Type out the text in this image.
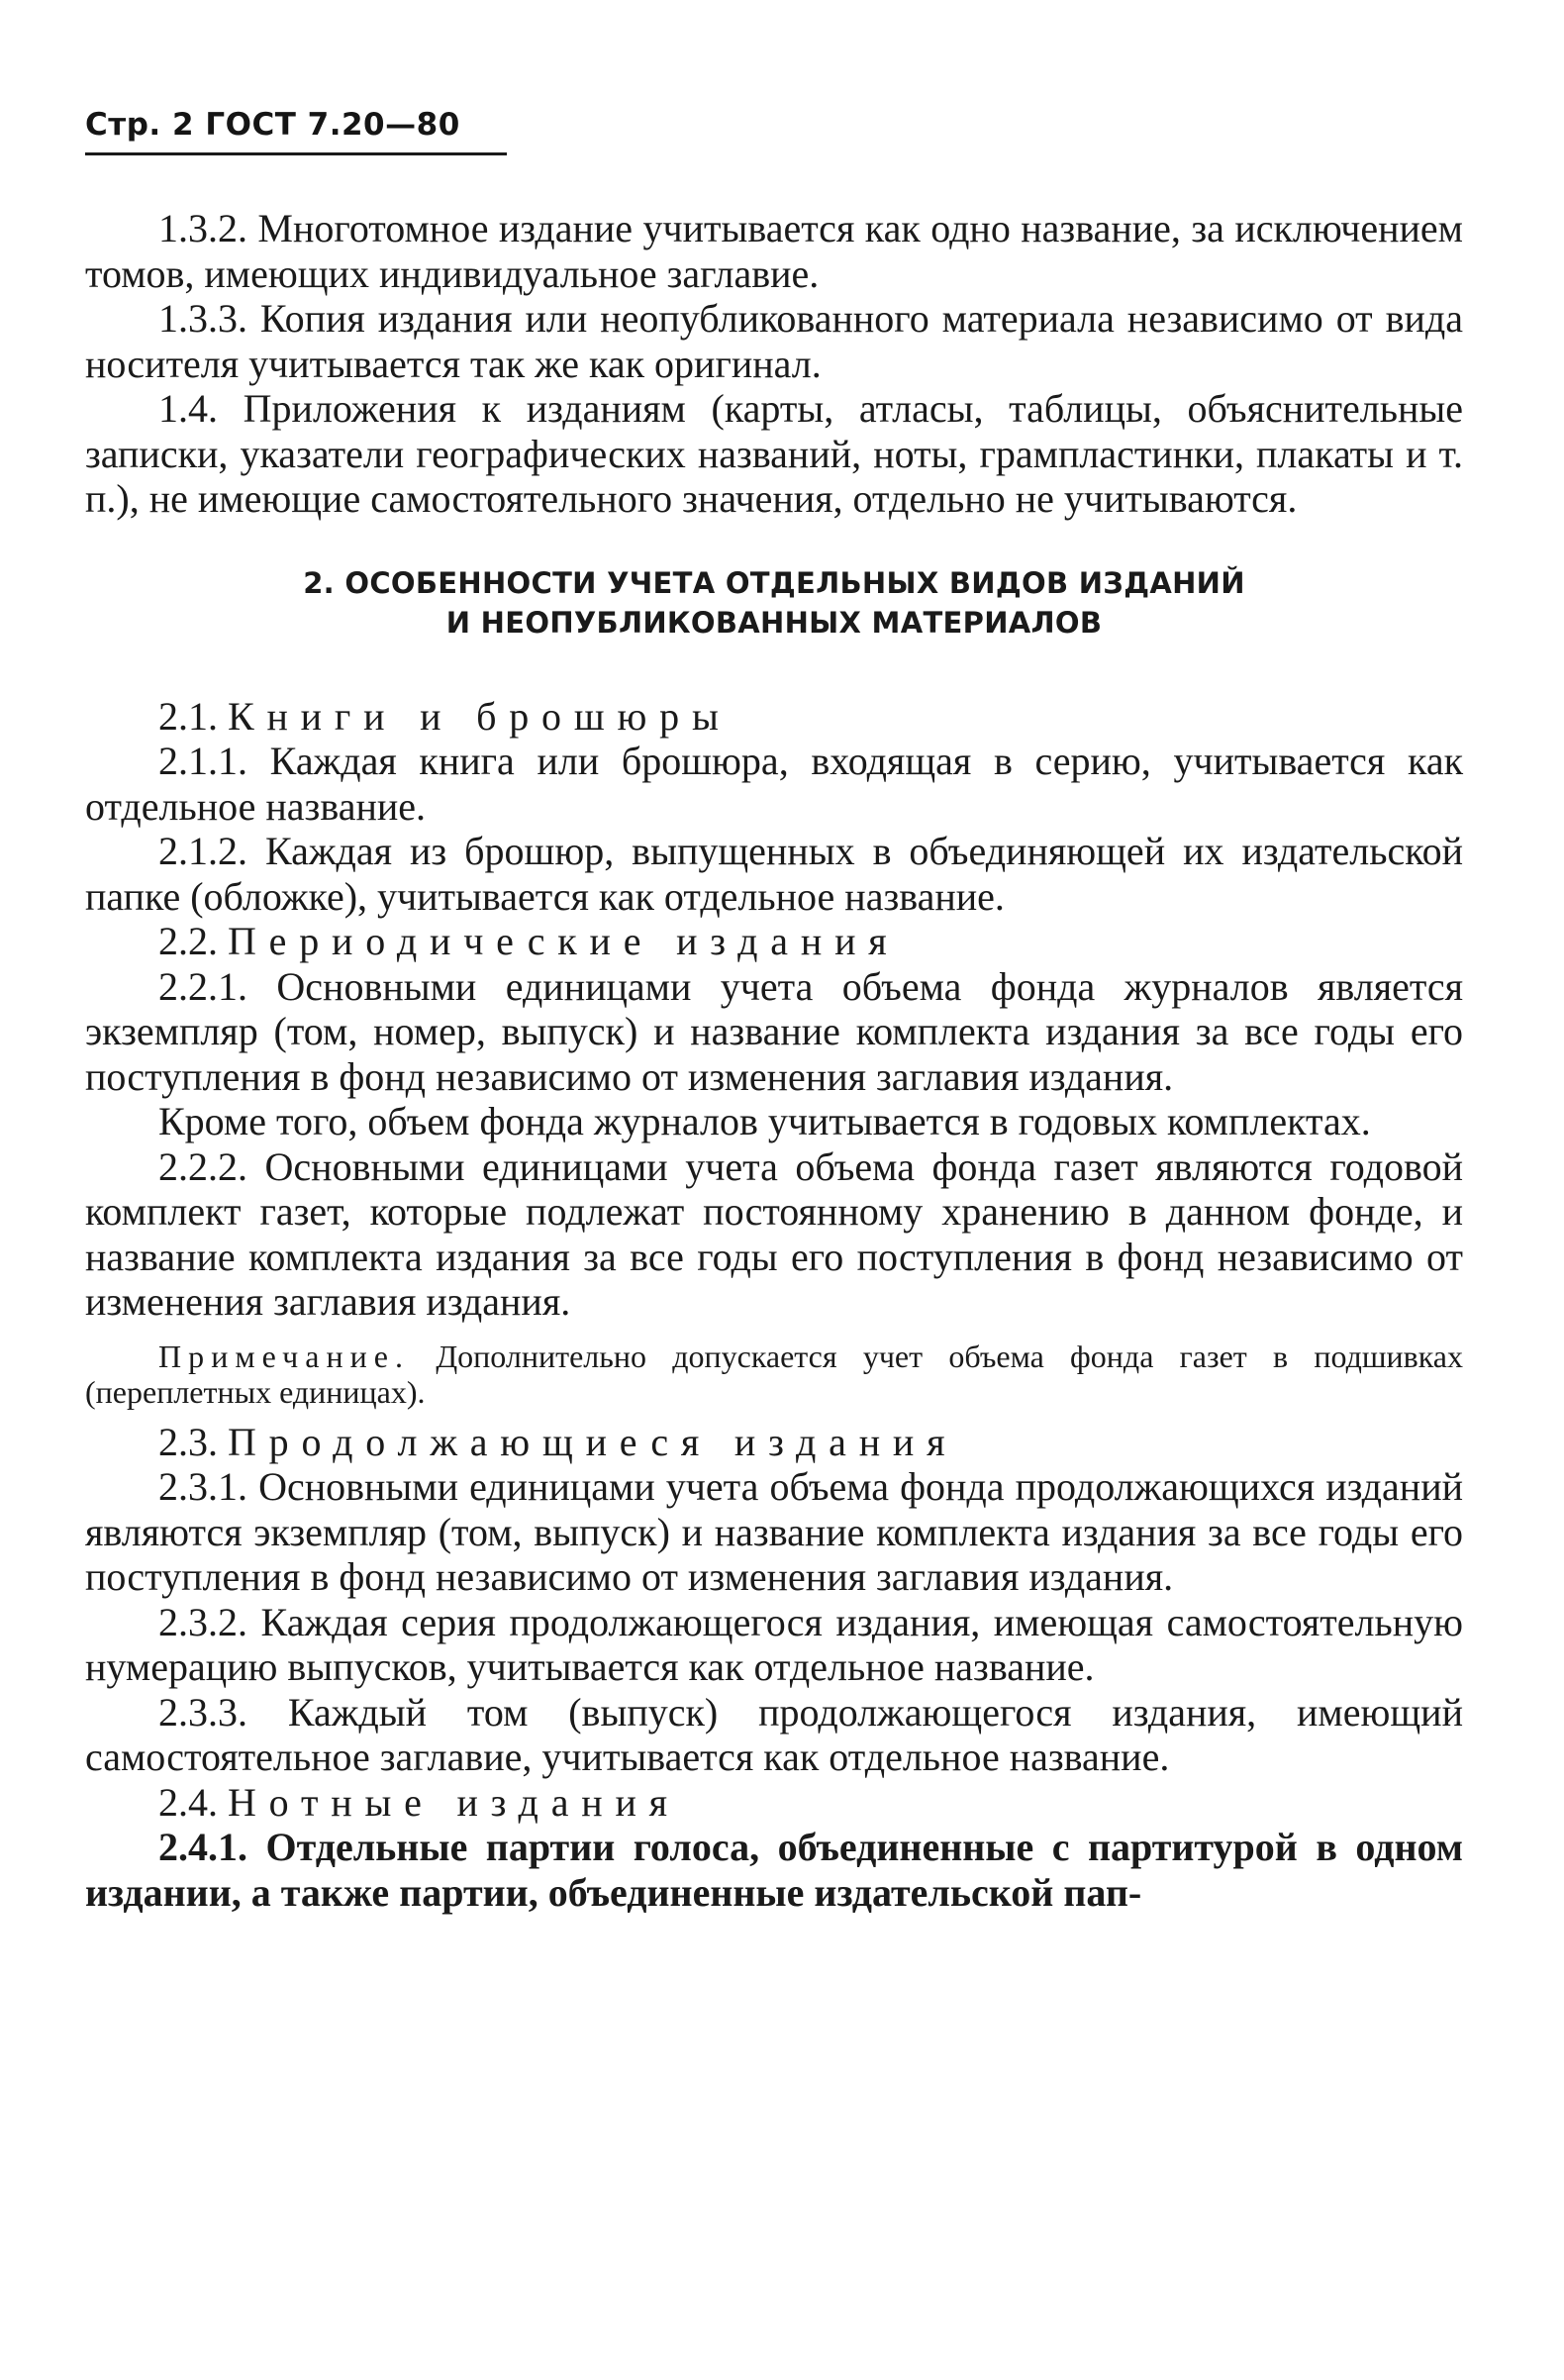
Стр. 2 ГОСТ 7.20—80

1.3.2. Многотомное издание учитывается как одно название, за исключением томов, имеющих индивидуальное заглавие.

1.3.3. Копия издания или неопубликованного материала независимо от вида носителя учитывается так же как оригинал.

1.4. Приложения к изданиям (карты, атласы, таблицы, объяснительные записки, указатели географических названий, ноты, грампластинки, плакаты и т. п.), не имеющие самостоятельного значения, отдельно не учитываются.

2. ОСОБЕННОСТИ УЧЕТА ОТДЕЛЬНЫХ ВИДОВ ИЗДАНИЙ
И НЕОПУБЛИКОВАННЫХ МАТЕРИАЛОВ

2.1. Книги и брошюры

2.1.1. Каждая книга или брошюра, входящая в серию, учитывается как отдельное название.

2.1.2. Каждая из брошюр, выпущенных в объединяющей их издательской папке (обложке), учитывается как отдельное название.

2.2. Периодические издания

2.2.1. Основными единицами учета объема фонда журналов является экземпляр (том, номер, выпуск) и название комплекта издания за все годы его поступления в фонд независимо от изменения заглавия издания.

Кроме того, объем фонда журналов учитывается в годовых комплектах.

2.2.2. Основными единицами учета объема фонда газет являются годовой комплект газет, которые подлежат постоянному хранению в данном фонде, и название комплекта издания за все годы его поступления в фонд независимо от изменения заглавия издания.

Примечание. Дополнительно допускается учет объема фонда газет в подшивках (переплетных единицах).

2.3. Продолжающиеся издания

2.3.1. Основными единицами учета объема фонда продолжающихся изданий являются экземпляр (том, выпуск) и название комплекта издания за все годы его поступления в фонд независимо от изменения заглавия издания.

2.3.2. Каждая серия продолжающегося издания, имеющая самостоятельную нумерацию выпусков, учитывается как отдельное название.

2.3.3. Каждый том (выпуск) продолжающегося издания, имеющий самостоятельное заглавие, учитывается как отдельное название.

2.4. Нотные издания

2.4.1. Отдельные партии голоса, объединенные с партитурой в одном издании, а также партии, объединенные издательской пап-
